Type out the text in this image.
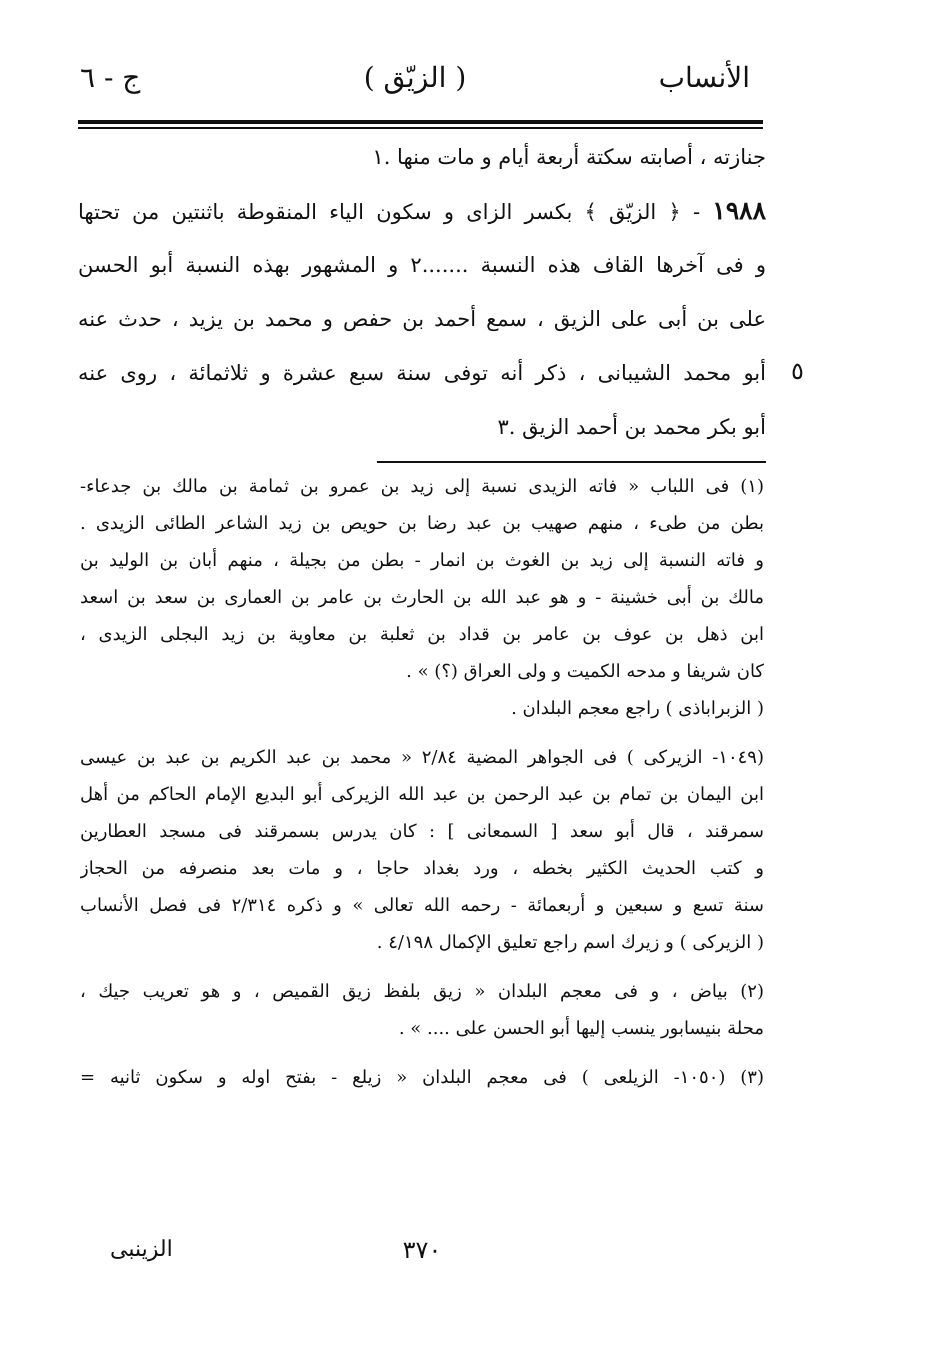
الأنساب
( الزيّق )
ج - ٦
جنازته ، أصابته سكتة أربعة أيام و مات منها .١
١٩٨٨ - ﴿ الزيّق ﴾ بكسر الزاى و سكون الياء المنقوطة باثنتين من تحتها
و فى آخرها القاف هذه النسبة .......٢ و المشهور بهذه النسبة أبو الحسن
على بن أبى على الزيق ، سمع أحمد بن حفص و محمد بن يزيد ، حدث عنه
أبو محمد الشيبانى ، ذكر أنه توفى سنة سبع عشرة و ثلاثمائة ، روى عنه
أبو بكر محمد بن أحمد الزيق .٣
٥
(١) فى اللباب « فاته الزيدى نسبة إلى زيد بن عمرو بن ثمامة بن مالك بن جدعاء-
بطن من طىء ، منهم صهيب بن عبد رضا بن حويص بن زيد الشاعر الطائى الزيدى .
و فاته النسبة إلى زيد بن الغوث بن انمار - بطن من بجيلة ، منهم أبان بن الوليد بن
مالك بن أبى خشينة - و هو عبد الله بن الحارث بن عامر بن العمارى بن سعد بن اسعد
ابن ذهل بن عوف بن عامر بن قداد بن ثعلبة بن معاوية بن زيد البجلى الزيدى ،
كان شريفا و مدحه الكميت و ولى العراق (؟) » .
( الزبراباذى ) راجع معجم البلدان .
(١٠٤٩- الزيركى ) فى الجواهر المضية ٢/٨٤ « محمد بن عبد الكريم بن عبد بن عيسى
ابن اليمان بن تمام بن عبد الرحمن بن عبد الله الزيركى أبو البديع الإمام الحاكم من أهل
سمرقند ، قال أبو سعد [ السمعانى ] : كان يدرس بسمرقند فى مسجد العطارين
و كتب الحديث الكثير بخطه ، ورد بغداد حاجا ، و مات بعد منصرفه من الحجاز
سنة تسع و سبعين و أربعمائة - رحمه الله تعالى » و ذكره ٢/٣١٤ فى فصل الأنساب
( الزيركى ) و زيرك اسم راجع تعليق الإكمال ٤/١٩٨ .
(٢) بياض ، و فى معجم البلدان « زيق بلفظ زيق القميص ، و هو تعريب جيك ،
محلة بنيسابور ينسب إليها أبو الحسن على .... » .
(٣) (١٠٥٠- الزيلعى ) فى معجم البلدان « زيلع - بفتح اوله و سكون ثانيه =
٣٧٠
الزينبى
